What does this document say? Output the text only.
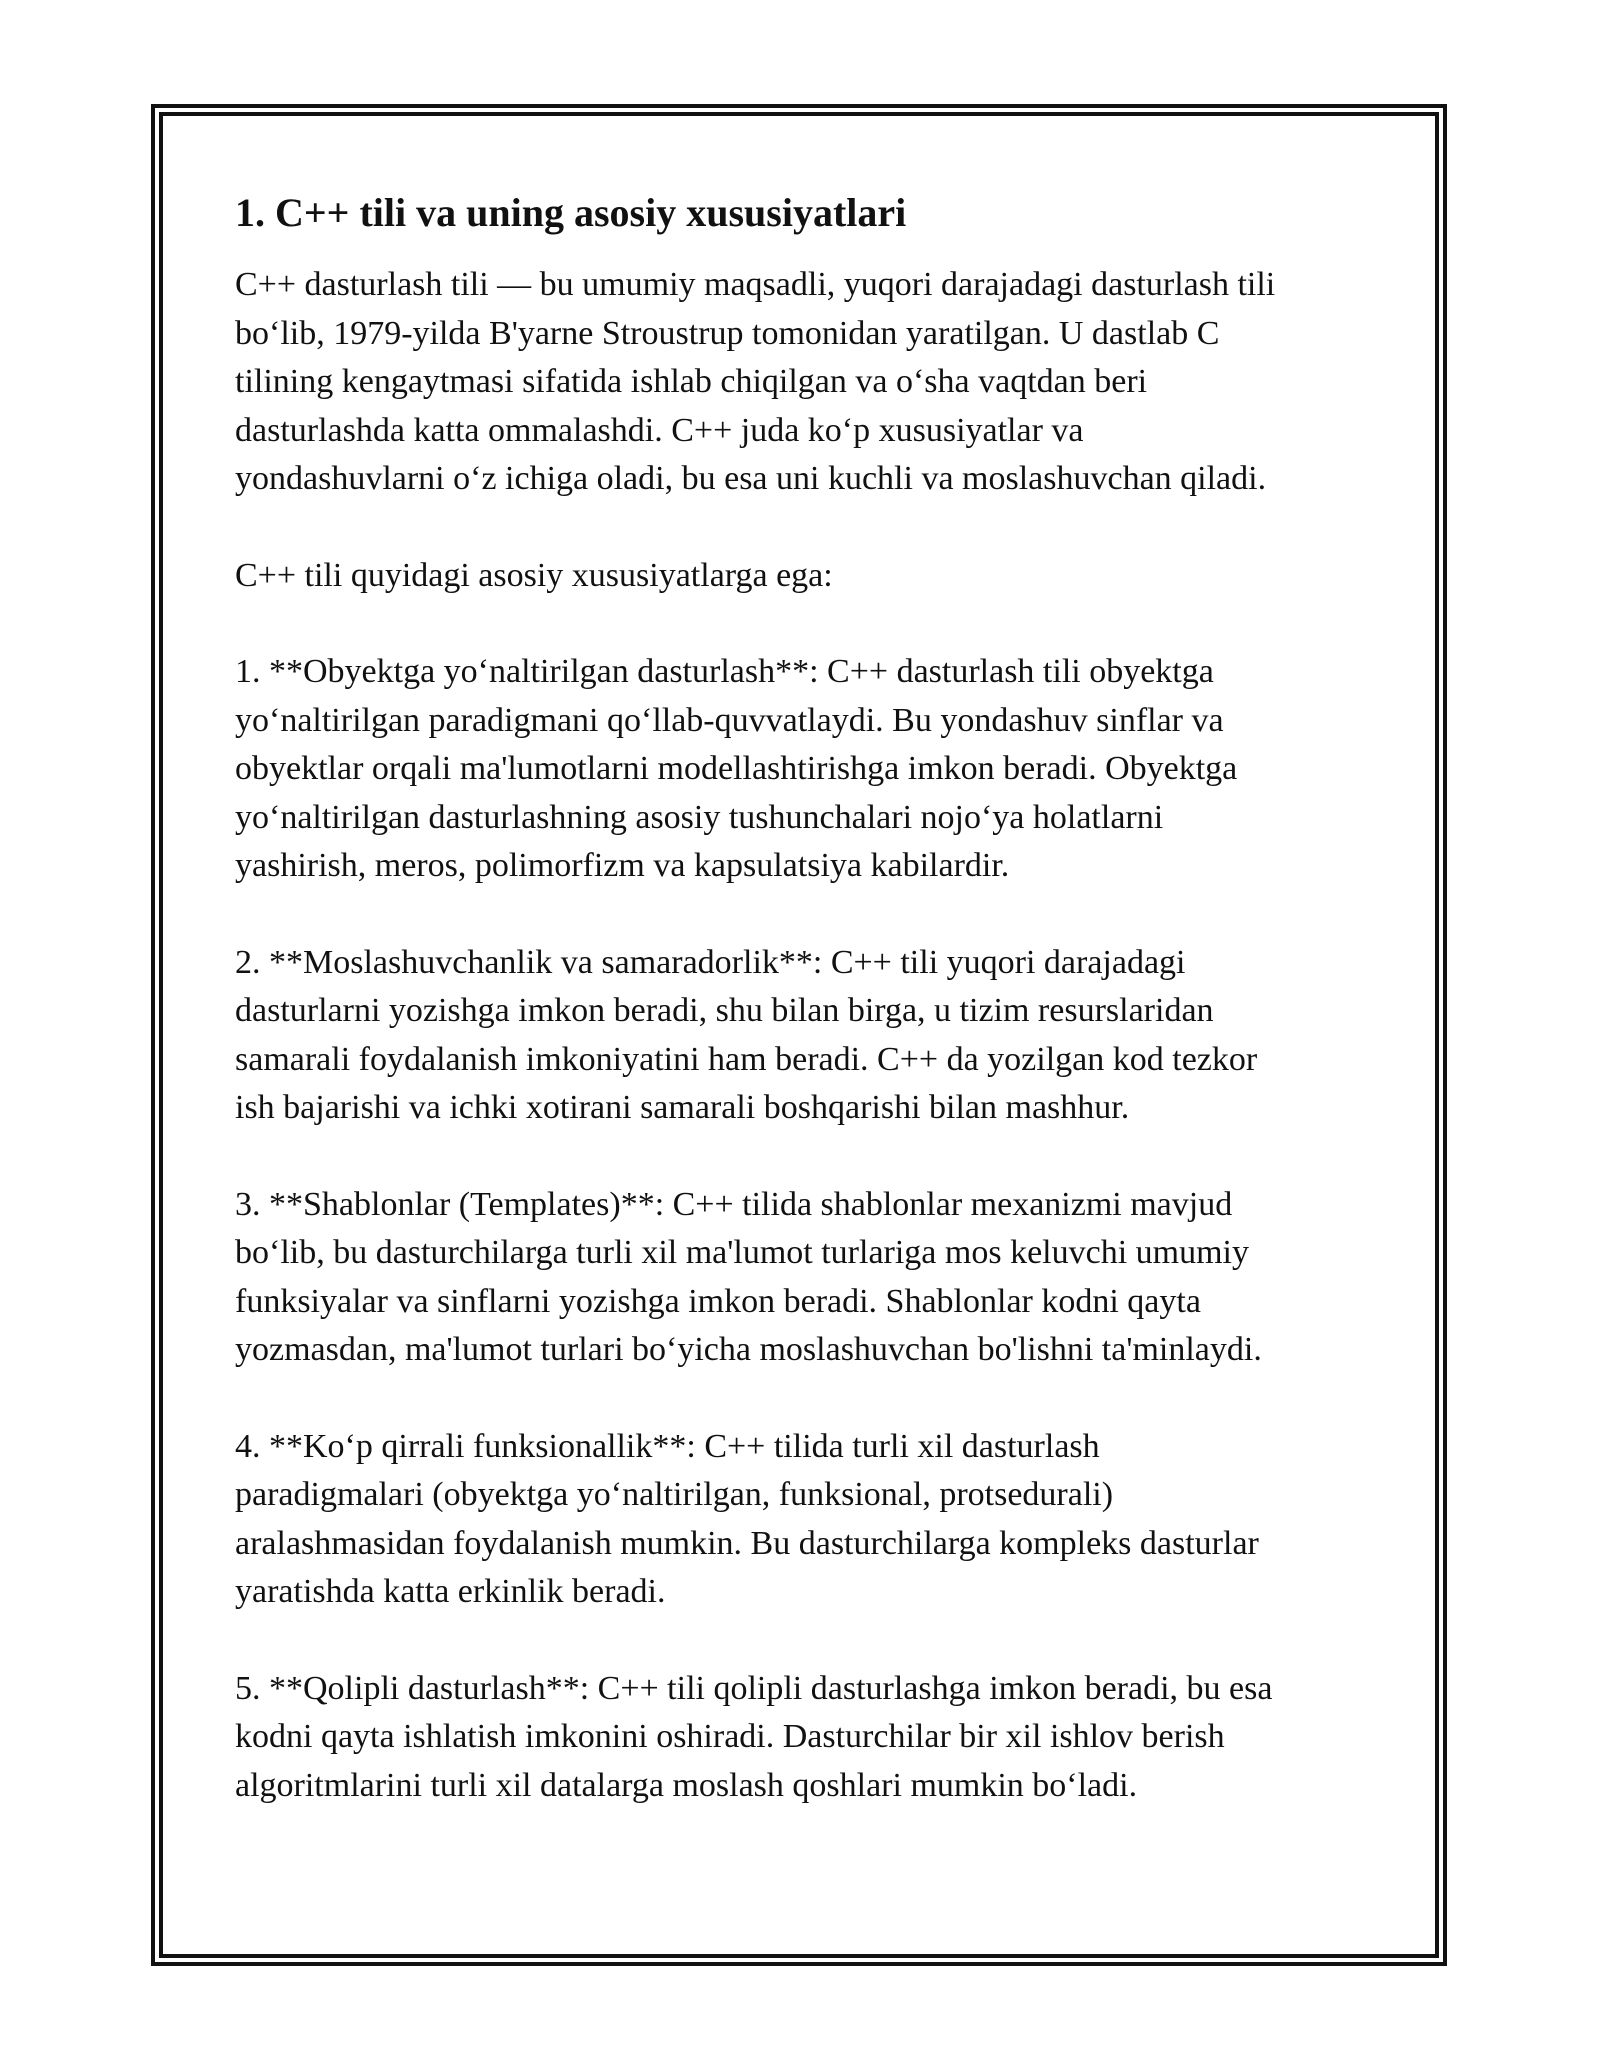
1. C++ tili va uning asosiy xususiyatlari

C++ dasturlash tili — bu umumiy maqsadli, yuqori darajadagi dasturlash tili
bo‘lib, 1979-yilda B'yarne Stroustrup tomonidan yaratilgan. U dastlab C
tilining kengaytmasi sifatida ishlab chiqilgan va o‘sha vaqtdan beri
dasturlashda katta ommalashdi. C++ juda ko‘p xususiyatlar va
yondashuvlarni o‘z ichiga oladi, bu esa uni kuchli va moslashuvchan qiladi.

C++ tili quyidagi asosiy xususiyatlarga ega:

1. **Obyektga yo‘naltirilgan dasturlash**: C++ dasturlash tili obyektga
yo‘naltirilgan paradigmani qo‘llab-quvvatlaydi. Bu yondashuv sinflar va
obyektlar orqali ma'lumotlarni modellashtirishga imkon beradi. Obyektga
yo‘naltirilgan dasturlashning asosiy tushunchalari nojo‘ya holatlarni
yashirish, meros, polimorfizm va kapsulatsiya kabilardir.

2. **Moslashuvchanlik va samaradorlik**: C++ tili yuqori darajadagi
dasturlarni yozishga imkon beradi, shu bilan birga, u tizim resurslaridan
samarali foydalanish imkoniyatini ham beradi. C++ da yozilgan kod tezkor
ish bajarishi va ichki xotirani samarali boshqarishi bilan mashhur.

3. **Shablonlar (Templates)**: C++ tilida shablonlar mexanizmi mavjud
bo‘lib, bu dasturchilarga turli xil ma'lumot turlariga mos keluvchi umumiy
funksiyalar va sinflarni yozishga imkon beradi. Shablonlar kodni qayta
yozmasdan, ma'lumot turlari bo‘yicha moslashuvchan bo'lishni ta'minlaydi.

4. **Ko‘p qirrali funksionallik**: C++ tilida turli xil dasturlash
paradigmalari (obyektga yo‘naltirilgan, funksional, protsedurali)
aralashmasidan foydalanish mumkin. Bu dasturchilarga kompleks dasturlar
yaratishda katta erkinlik beradi.

5. **Qolipli dasturlash**: C++ tili qolipli dasturlashga imkon beradi, bu esa
kodni qayta ishlatish imkonini oshiradi. Dasturchilar bir xil ishlov berish
algoritmlarini turli xil datalarga moslash qoshlari mumkin bo‘ladi.
